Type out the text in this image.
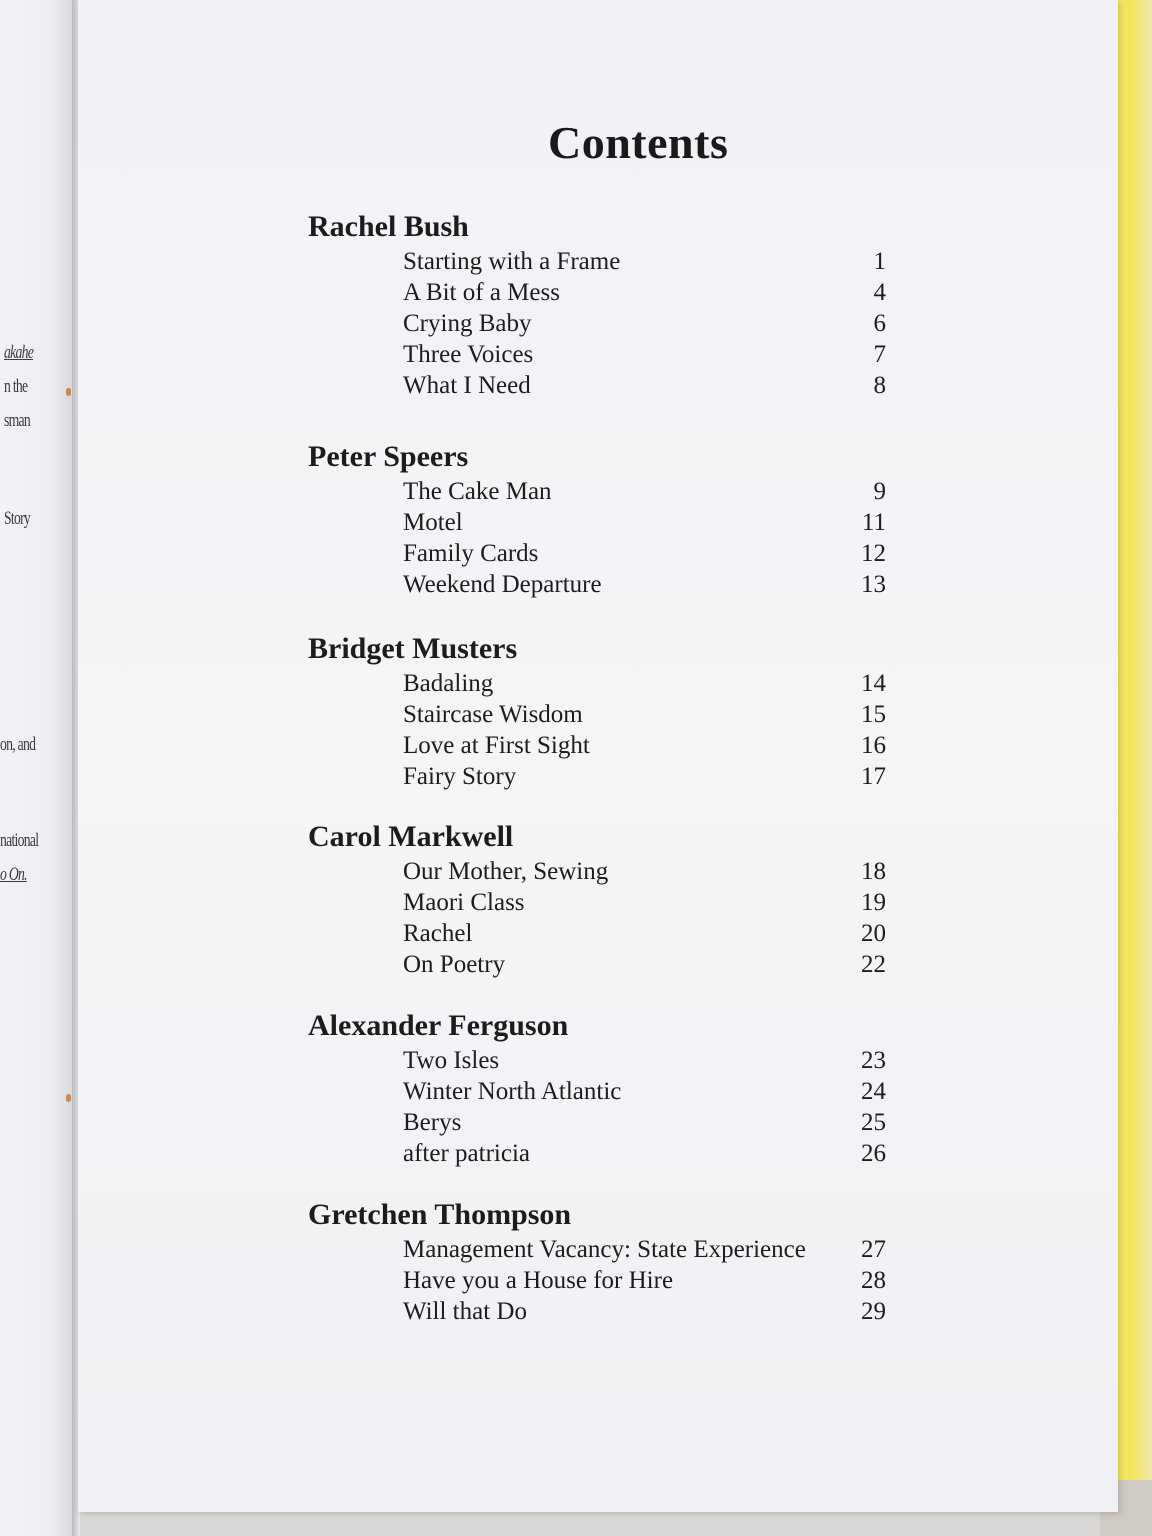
akahe
n the
sman
Story
on, and
national
o On.
Contents
Rachel Bush
Starting with a Frame	1
A Bit of a Mess	4
Crying Baby	6
Three Voices	7
What I Need	8
Peter Speers
The Cake Man	9
Motel	11
Family Cards	12
Weekend Departure	13
Bridget Musters
Badaling	14
Staircase Wisdom	15
Love at First Sight	16
Fairy Story	17
Carol Markwell
Our Mother, Sewing	18
Maori Class	19
Rachel	20
On Poetry	22
Alexander Ferguson
Two Isles	23
Winter North Atlantic	24
Berys	25
after patricia	26
Gretchen Thompson
Management Vacancy: State Experience 27
Have you a House for Hire	28
Will that Do	29
